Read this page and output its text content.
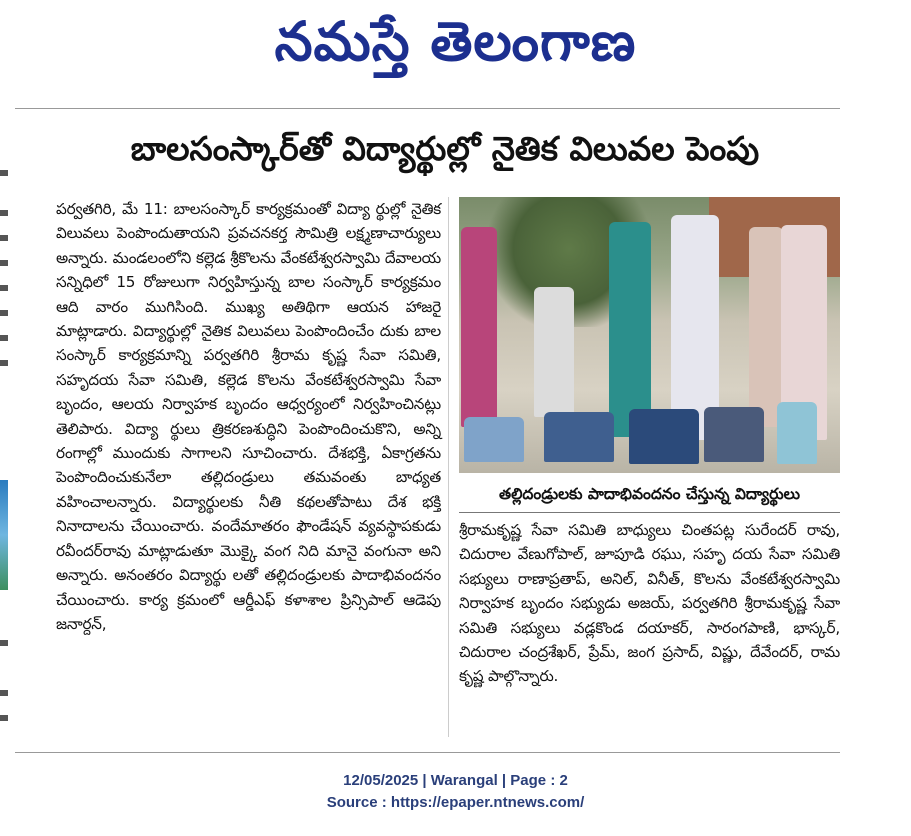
నమస్తే తెలంగాణ
బాలసంస్కార్‌తో విద్యార్థుల్లో నైతిక విలువల పెంపు
పర్వతగిరి, మే 11: బాలసంస్కార్ కార్యక్రమంతో విద్యా ర్థుల్లో నైతిక విలువలు పెంపొందుతాయని ప్రవచనకర్త సౌమిత్రి లక్ష్మణాచార్యులు అన్నారు. మండలంలోని కల్లెడ శ్రీకొలను వేంకటేశ్వరస్వామి దేవాలయ సన్నిధిలో 15 రోజులుగా నిర్వహిస్తున్న బాల సంస్కార్ కార్యక్రమం ఆది వారం ముగిసింది. ముఖ్య అతిథిగా ఆయన హాజరై మాట్లాడారు. విద్యార్థుల్లో నైతిక విలువలు పెంపొందించేం దుకు బాల సంస్కార్ కార్యక్రమాన్ని పర్వతగిరి శ్రీరామ కృష్ణ సేవా సమితి, సహృదయ సేవా సమితి, కల్లెడ కొలను వేంకటేశ్వరస్వామి సేవా బృందం, ఆలయ నిర్వాహక బృందం ఆధ్వర్యంలో నిర్వహించినట్లు తెలిపారు. విద్యా ర్థులు త్రికరణశుద్ధిని పెంపొందించుకొని, అన్ని రంగాల్లో ముందుకు సాగాలని సూచించారు. దేశభక్తి, ఏకాగ్రతను పెంపొందించుకునేలా తల్లిదండ్రులు తమవంతు బాధ్యత వహించాలన్నారు. విద్యార్థులకు నీతి కథలతోపాటు దేశ భక్తి నినాదాలను చేయించారు. వందేమాతరం ఫౌండేషన్ వ్యవస్థాపకుడు రవీందర్‌రావు మాట్లాడుతూ మొక్కై వంగ నిది మానై వంగునా అని అన్నారు. అనంతరం విద్యార్థు లతో తల్లిదండ్రులకు పాదాభివందనం చేయించారు. కార్య క్రమంలో ఆర్డీఎఫ్ కళాశాల ప్రిన్సిపాల్ ఆడెపు జనార్దన్,
తల్లిదండ్రులకు పాదాభివందనం చేస్తున్న విద్యార్థులు
శ్రీరామకృష్ణ సేవా సమితి బాధ్యులు చింతపట్ల సురేందర్ రావు, చిదురాల వేణుగోపాల్, జూపూడి రఘు, సహృ దయ సేవా సమితి సభ్యులు రాణాప్రతాప్, అనిల్, వినీత్, కొలను వేంకటేశ్వరస్వామి నిర్వాహక బృందం సభ్యుడు అజయ్, పర్వతగిరి శ్రీరామకృష్ణ సేవా సమితి సభ్యులు వడ్లకొండ దయాకర్, సారంగపాణి, భాస్కర్, చిదురాల చంద్రశేఖర్, ప్రేమ్, జంగ ప్రసాద్, విష్ణు, దేవేందర్, రామ కృష్ణ పాల్గొన్నారు.
12/05/2025 | Warangal | Page : 2
Source : https://epaper.ntnews.com/
